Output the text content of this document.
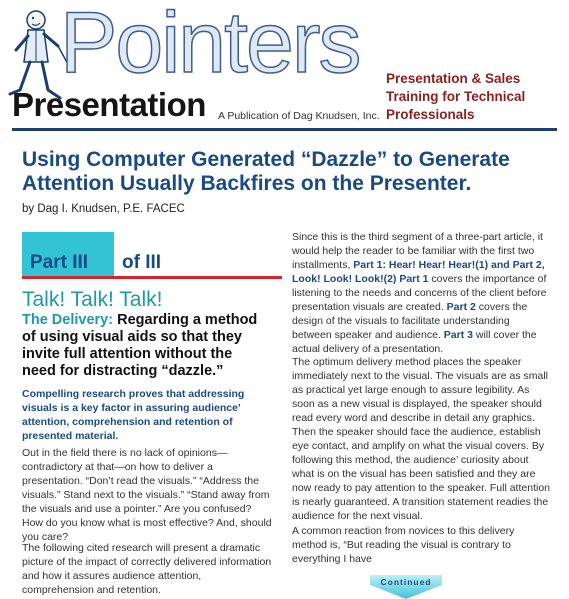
Pointers
Presentation A Publication of Dag Knudsen, Inc.
Presentation & Sales
Training for Technical
Professionals
Using Computer Generated “Dazzle” to Generate
Attention Usually Backfires on the Presenter.
by Dag I. Knudsen, P.E. FACEC
Part III of III
Talk! Talk! Talk!
The Delivery: Regarding a method of using visual aids so that they invite full attention without the need for distracting “dazzle.”
Compelling research proves that addressing visuals is a key factor in assuring audience’ attention, comprehension and retention of presented material.
Out in the field there is no lack of opinions—contradictory at that—on how to deliver a presentation. “Don’t read the visuals.” “Address the visuals.” Stand next to the visuals.” “Stand away from the visuals and use a pointer.” Are you confused? How do you know what is most effective? And, should you care?
The following cited research will present a dramatic picture of the impact of correctly delivered information and how it assures audience attention, comprehension and retention.
Since this is the third segment of a three-part article, it would help the reader to be familiar with the first two installments, Part 1: Hear! Hear! Hear!(1) and Part 2, Look! Look! Look!(2) Part 1 covers the importance of listening to the needs and concerns of the client before presentation visuals are created. Part 2 covers the design of the visuals to facilitate understanding between speaker and audience. Part 3 will cover the actual delivery of a presentation.
The optimum delivery method places the speaker immediately next to the visual. The visuals are as small as practical yet large enough to assure legibility. As soon as a new visual is displayed, the speaker should read every word and describe in detail any graphics. Then the speaker should face the audience, establish eye contact, and amplify on what the visual covers. By following this method, the audience’ curiosity about what is on the visual has been satisfied and they are now ready to pay attention to the speaker. Full attention is nearly guaranteed. A transition statement readies the audience for the next visual.
A common reaction from novices to this delivery method is, “But reading the visual is contrary to everything I have
Continued
